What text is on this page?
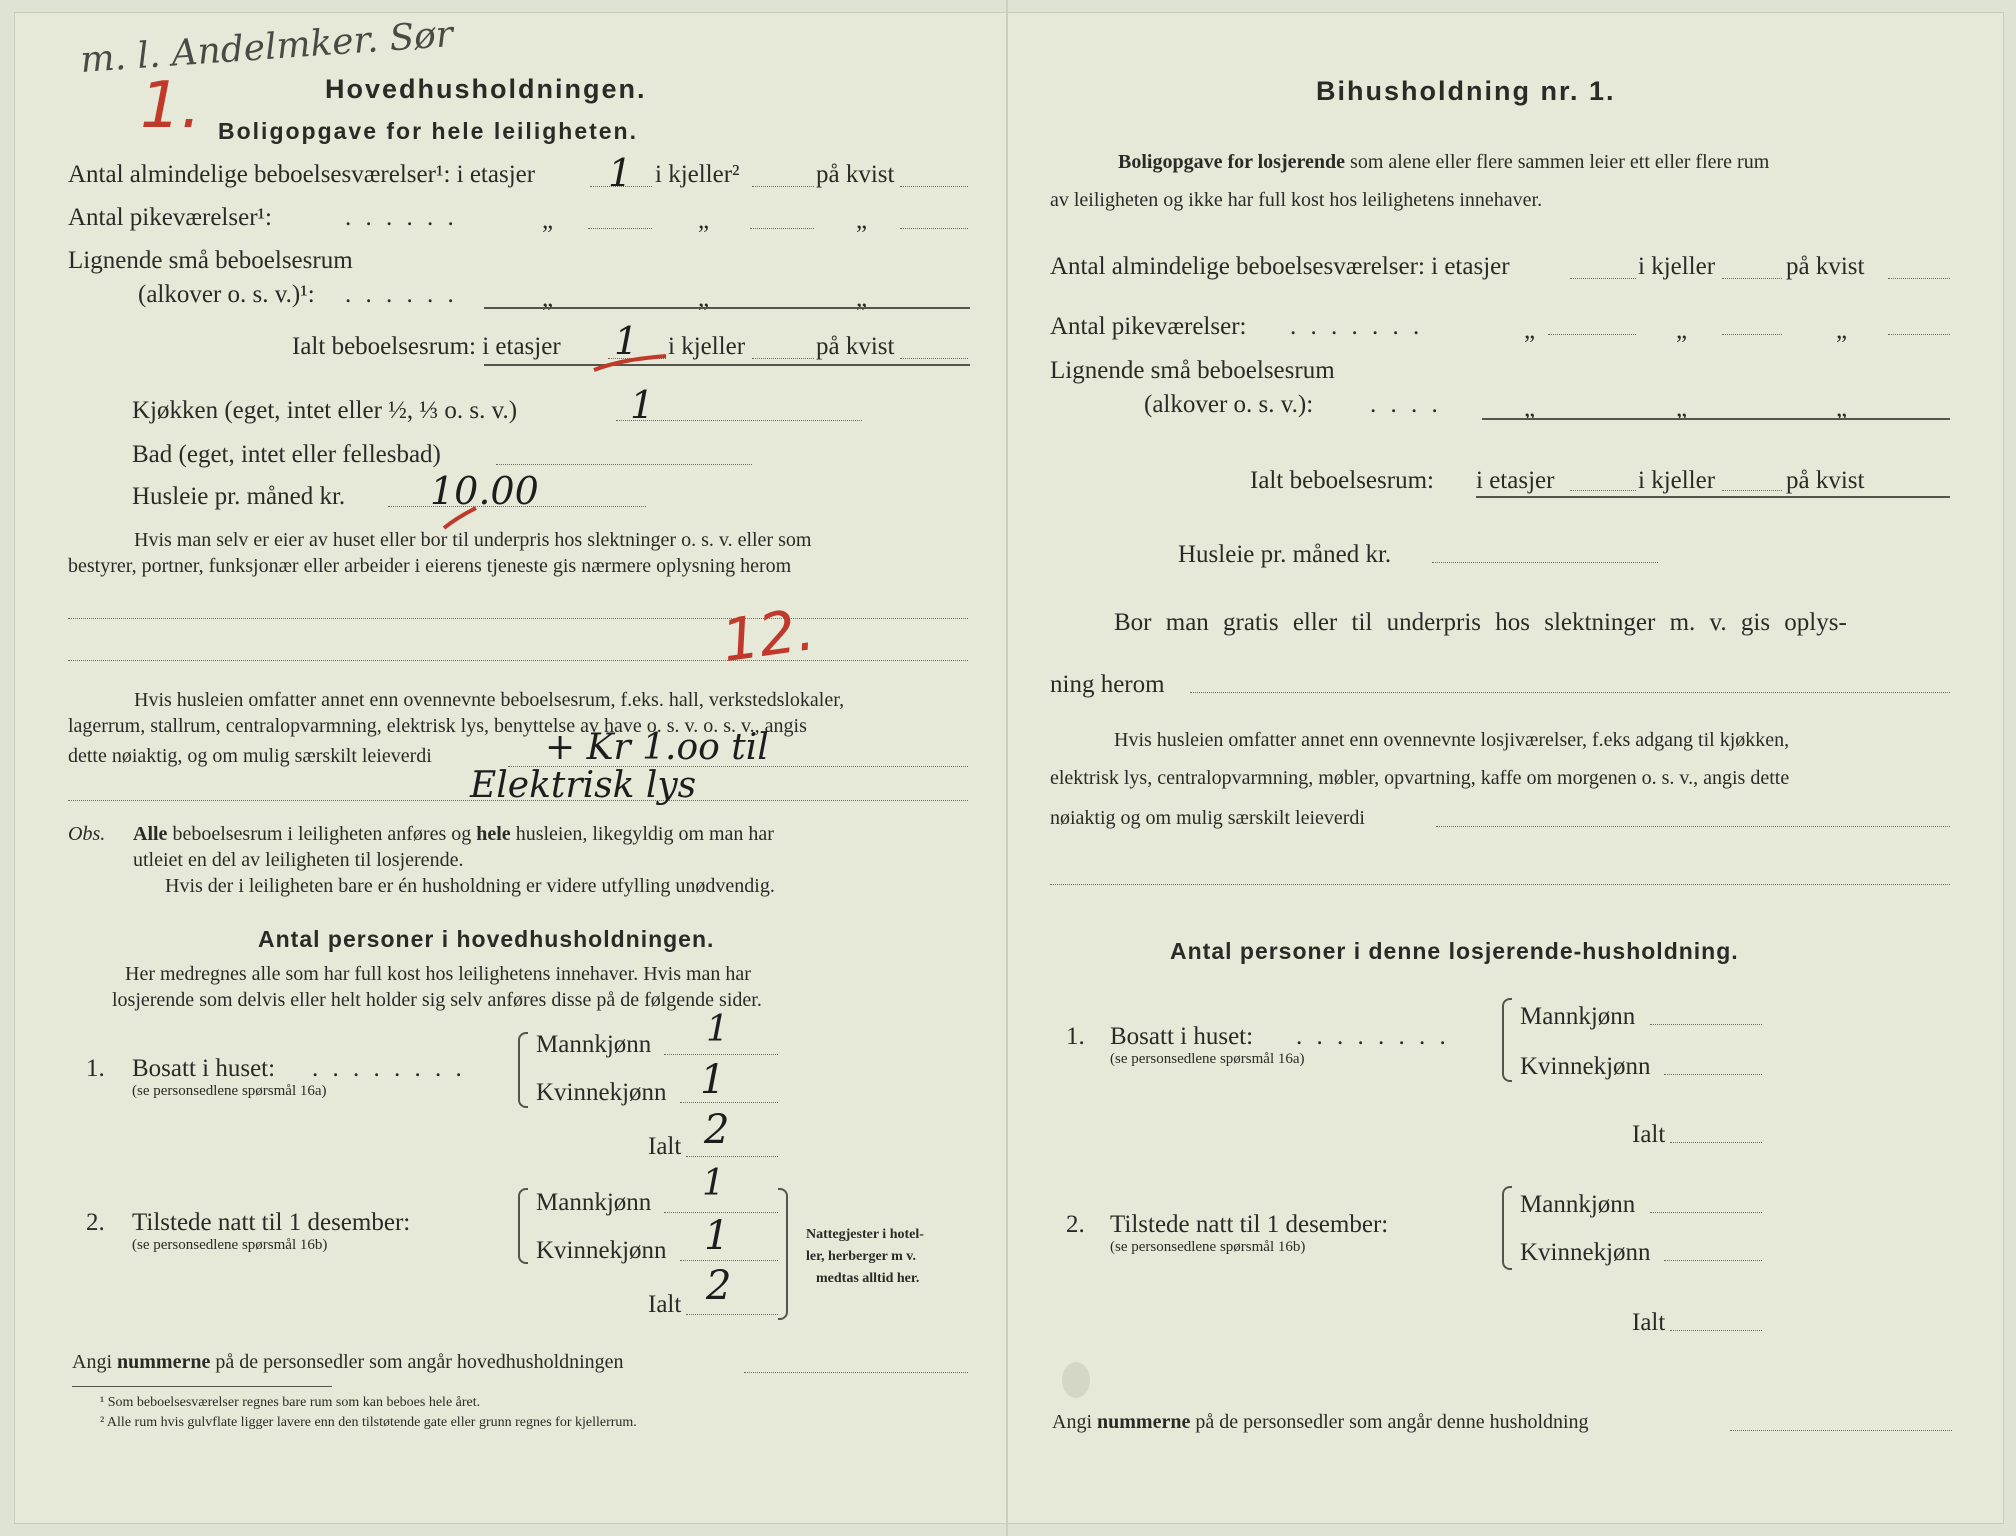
m. l. Andelmker. Sør
1.	Hovedhusholdningen.
Boligopgave for hele leiligheten.
Antal almindelige beboelsesværelser¹: i etasjer 1 i kjeller²	på kvist
Antal pikeværelser¹:	. . . . . .	„	„	„
Lignende små beboelsesrum
(alkover o. s. v.)¹: . . . . . .	„	„	„
Ialt beboelsesrum: i etasjer 1 i kjeller	på kvist
Kjøkken (eget, intet eller ½, ⅓ o. s. v.)	1
Bad (eget, intet eller fellesbad)
Husleie pr. måned kr. 10.00
Hvis man selv er eier av huset eller bor til underpris hos slektninger o. s. v. eller som
bestyrer, portner, funksjonær eller arbeider i eierens tjeneste gis nærmere oplysning herom
12.
Hvis husleien omfatter annet enn ovennevnte beboelsesrum, f.eks. hall, verkstedslokaler,
lagerrum, stallrum, centralopvarmning, elektrisk lys, benyttelse av have o. s. v. o. s. v., angis
dette nøiaktig, og om mulig særskilt leieverdi	+ Kr 1.oo til
Elektrisk lys
Obs. Alle beboelsesrum i leiligheten anføres og hele husleien, likegyldig om man har
utleiet en del av leiligheten til losjerende.
Hvis der i leiligheten bare er én husholdning er videre utfylling unødvendig.
Antal personer i hovedhusholdningen.
Her medregnes alle som har full kost hos leilighetens innehaver. Hvis man har
losjerende som delvis eller helt holder sig selv anføres disse på de følgende sider.
1. Bosatt i huset: . . . . . . . .
(se personsedlene spørsmål 16a)
Mannkjønn 1
Kvinnekjønn 1
Ialt 2
2. Tilstede natt til 1 desember:
(se personsedlene spørsmål 16b)
Mannkjønn 1
Kvinnekjønn 1
Ialt 2
Nattegjester i hotel-
ler, herberger m v.
medtas alltid her.
Angi nummerne på de personsedler som angår hovedhusholdningen
¹ Som beboelsesværelser regnes bare rum som kan beboes hele året.
² Alle rum hvis gulvflate ligger lavere enn den tilstøtende gate eller grunn regnes for kjellerrum.
Bihusholdning nr. 1.
Boligopgave for losjerende som alene eller flere sammen leier ett eller flere rum
av leiligheten og ikke har full kost hos leilighetens innehaver.
Antal almindelige beboelsesværelser: i etasjer	i kjeller	på kvist
Antal pikeværelser: . . . . . . .	„	„	„
Lignende små beboelsesrum
(alkover o. s. v.): . . . .	„	„	„
Ialt beboelsesrum: i etasjer	i kjeller	på kvist
Husleie pr. måned kr.
Bor man gratis eller til underpris hos slektninger m. v. gis oplys-
ning herom
Hvis husleien omfatter annet enn ovennevnte losjiværelser, f.eks adgang til kjøkken,
elektrisk lys, centralopvarmning, møbler, opvartning, kaffe om morgenen o. s. v., angis dette
nøiaktig og om mulig særskilt leieverdi
Antal personer i denne losjerende-husholdning.
1. Bosatt i huset: . . . . . . . .
(se personsedlene spørsmål 16a)
Mannkjønn
Kvinnekjønn
Ialt
2. Tilstede natt til 1 desember:
(se personsedlene spørsmål 16b)
Mannkjønn
Kvinnekjønn
Ialt
Angi nummerne på de personsedler som angår denne husholdning
